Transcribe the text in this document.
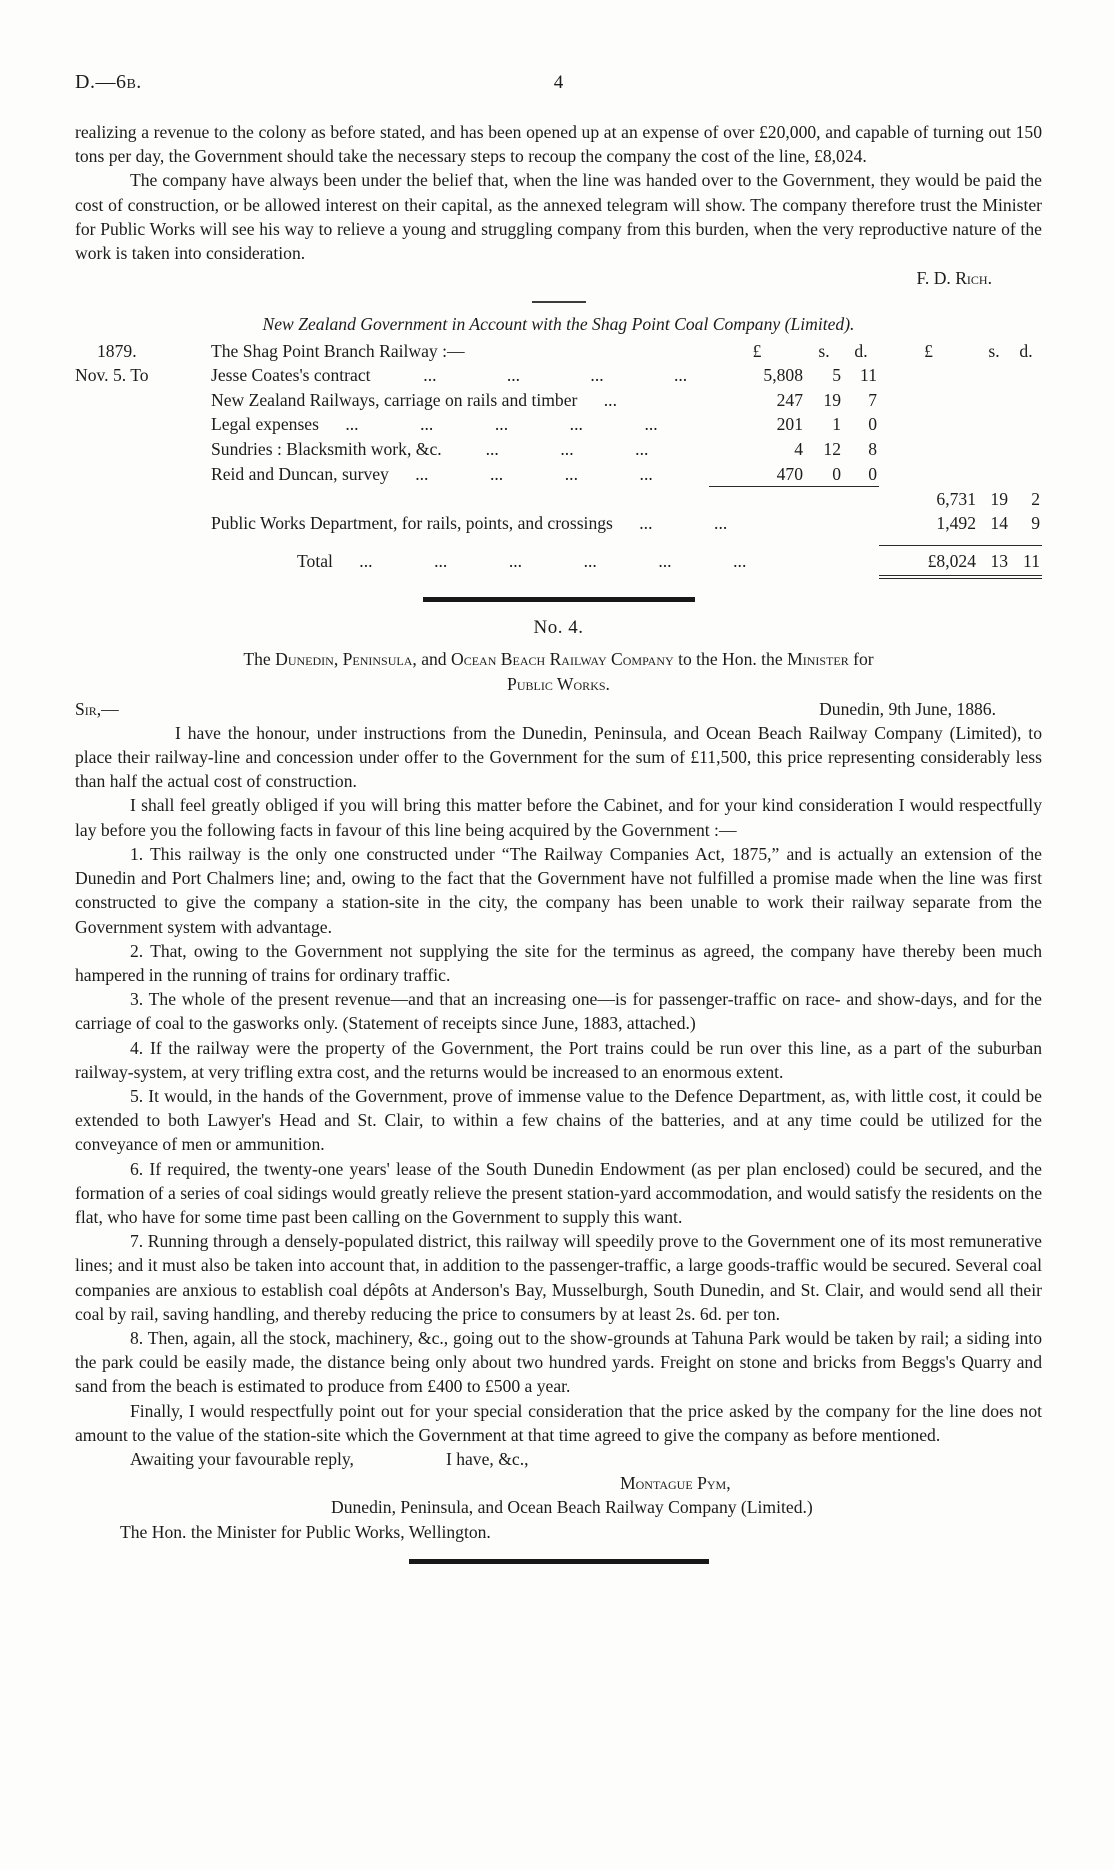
D.—6b.	4

realizing a revenue to the colony as before stated, and has been opened up at an expense of over £20,000, and capable of turning out 150 tons per day, the Government should take the necessary steps to recoup the company the cost of the line, £8,024.

The company have always been under the belief that, when the line was handed over to the Government, they would be paid the cost of construction, or be allowed interest on their capital, as the annexed telegram will show. The company therefore trust the Minister for Public Works will see his way to relieve a young and struggling company from this burden, when the very reproductive nature of the work is taken into consideration.

F. D. Rich.
New Zealand Government in Account with the Shag Point Coal Company (Limited).
1879.	The Shag Point Branch Railway :—	£	s.	d.	£	s.	d.
Nov. 5. To	Jesse Coates's contract   ...    ...    ...    ...	5,808	5	11			
	New Zealand Railways, carriage on rails and timber  ...	247	19	7			
	Legal expenses  ...    ...    ...    ...    ...	201	1	0			
	Sundries : Blacksmith work, &c.   ...    ...    ...	4	12	8			
	Reid and Duncan, survey  ...    ...    ...    ...	470	0	0			
					6,731	19	2
	Public Works Department, for rails, points, and crossings  ...    ...				1,492	14	9

Total  ...    ...    ...    ...    ...    ...					£8,024	13	11
No. 4.
The Dunedin, Peninsula, and Ocean Beach Railway Company to the Hon. the Minister for
Public Works.
Sir,—	Dunedin, 9th June, 1886.

I have the honour, under instructions from the Dunedin, Peninsula, and Ocean Beach Railway Company (Limited), to place their railway-line and concession under offer to the Government for the sum of £11,500, this price representing considerably less than half the actual cost of construction.

I shall feel greatly obliged if you will bring this matter before the Cabinet, and for your kind consideration I would respectfully lay before you the following facts in favour of this line being acquired by the Government :—

1. This railway is the only one constructed under “The Railway Companies Act, 1875,” and is actually an extension of the Dunedin and Port Chalmers line; and, owing to the fact that the Government have not fulfilled a promise made when the line was first constructed to give the company a station-site in the city, the company has been unable to work their railway separate from the Government system with advantage.

2. That, owing to the Government not supplying the site for the terminus as agreed, the company have thereby been much hampered in the running of trains for ordinary traffic.

3. The whole of the present revenue—and that an increasing one—is for passenger-traffic on race- and show-days, and for the carriage of coal to the gasworks only. (Statement of receipts since June, 1883, attached.)

4. If the railway were the property of the Government, the Port trains could be run over this line, as a part of the suburban railway-system, at very trifling extra cost, and the returns would be increased to an enormous extent.

5. It would, in the hands of the Government, prove of immense value to the Defence Department, as, with little cost, it could be extended to both Lawyer's Head and St. Clair, to within a few chains of the batteries, and at any time could be utilized for the conveyance of men or ammunition.

6. If required, the twenty-one years' lease of the South Dunedin Endowment (as per plan enclosed) could be secured, and the formation of a series of coal sidings would greatly relieve the present station-yard accommodation, and would satisfy the residents on the flat, who have for some time past been calling on the Government to supply this want.

7. Running through a densely-populated district, this railway will speedily prove to the Government one of its most remunerative lines; and it must also be taken into account that, in addition to the passenger-traffic, a large goods-traffic would be secured. Several coal companies are anxious to establish coal dépôts at Anderson's Bay, Musselburgh, South Dunedin, and St. Clair, and would send all their coal by rail, saving handling, and thereby reducing the price to consumers by at least 2s. 6d. per ton.

8. Then, again, all the stock, machinery, &c., going out to the show-grounds at Tahuna Park would be taken by rail; a siding into the park could be easily made, the distance being only about two hundred yards. Freight on stone and bricks from Beggs's Quarry and sand from the beach is estimated to produce from £400 to £500 a year.

Finally, I would respectfully point out for your special consideration that the price asked by the company for the line does not amount to the value of the station-site which the Government at that time agreed to give the company as before mentioned.

Awaiting your favourable reply,	I have, &c.,
Montague Pym,
Dunedin, Peninsula, and Ocean Beach Railway Company (Limited.)
The Hon. the Minister for Public Works, Wellington.
